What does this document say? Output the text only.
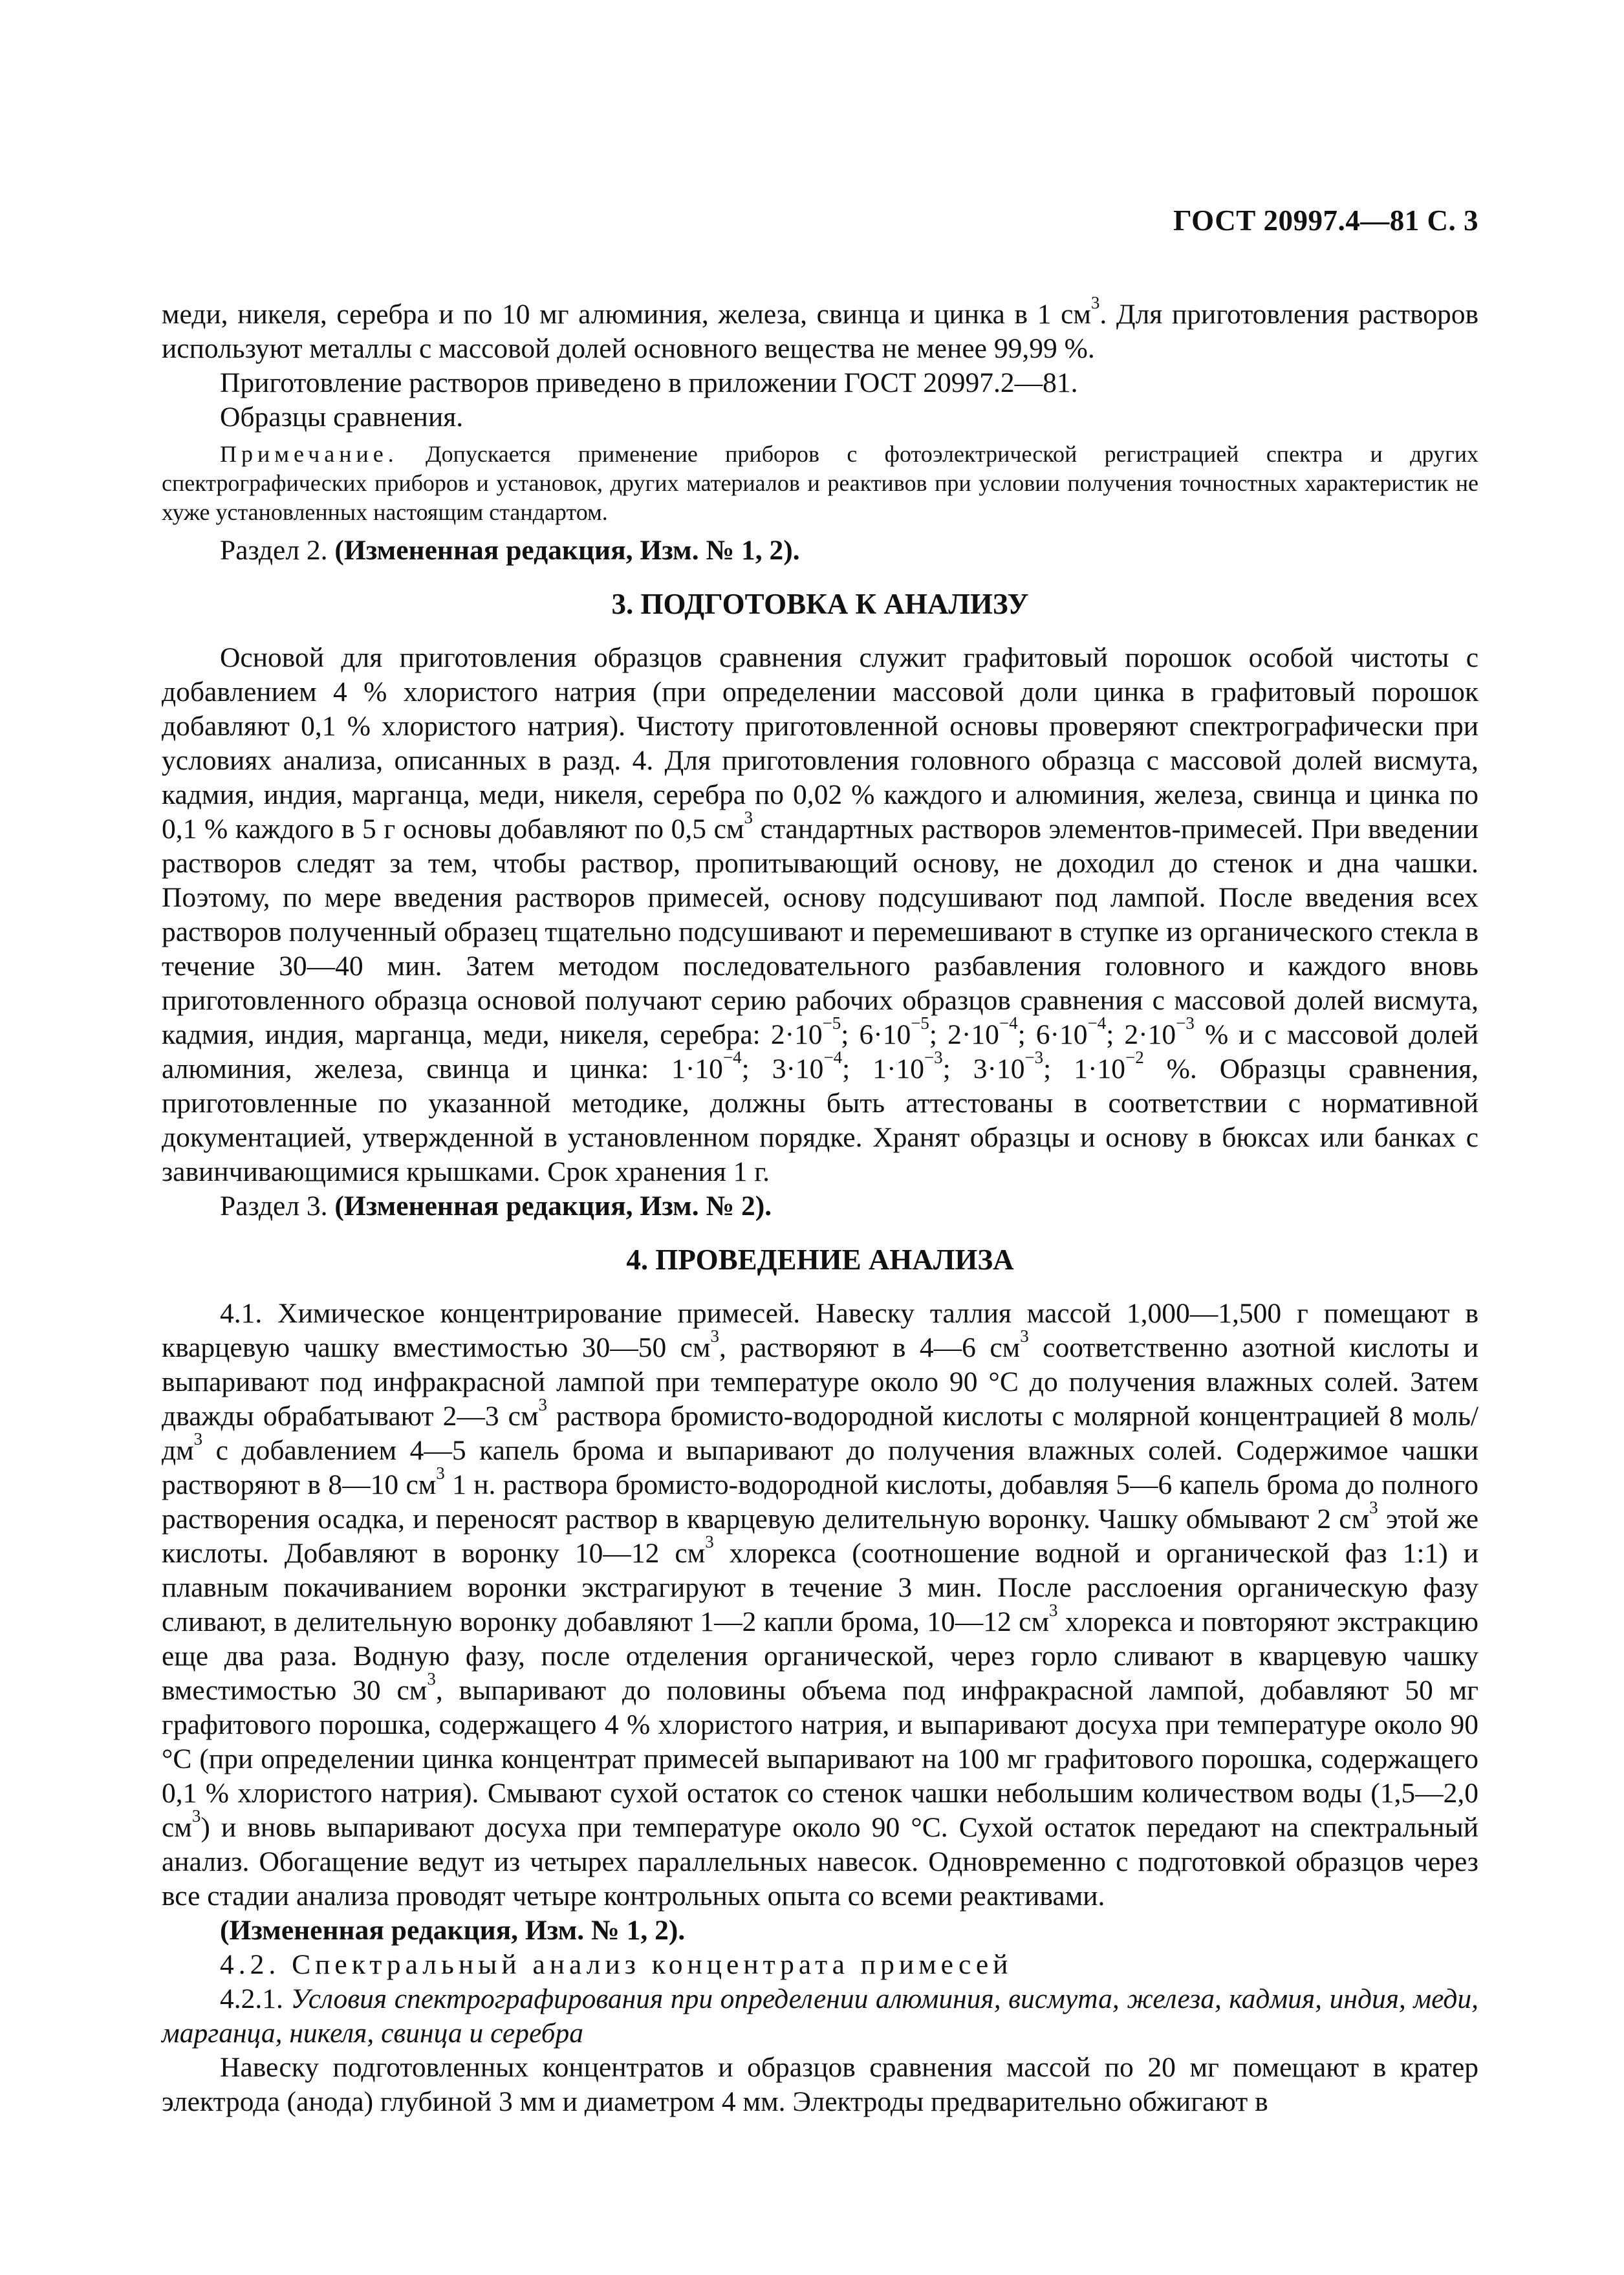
ГОСТ 20997.4—81 С. 3

меди, никеля, серебра и по 10 мг алюминия, железа, свинца и цинка в 1 $см^3$. Для приготовления растворов используют металлы с массовой долей основного вещества не менее 99,99 %.

Приготовление растворов приведено в приложении ГОСТ 20997.2—81.

Образцы сравнения.

Примечание. Допускается применение приборов с фотоэлектрической регистрацией спектра и других спектрографических приборов и установок, других материалов и реактивов при условии получения точностных характеристик не хуже установленных настоящим стандартом.

Раздел 2. (Измененная редакция, Изм. № 1, 2).

3. ПОДГОТОВКА К АНАЛИЗУ

Основой для приготовления образцов сравнения служит графитовый порошок особой чистоты с добавлением 4 % хлористого натрия (при определении массовой доли цинка в графитовый порошок добавляют 0,1 % хлористого натрия). Чистоту приготовленной основы проверяют спектрографически при условиях анализа, описанных в разд. 4. Для приготовления головного образца с массовой долей висмута, кадмия, индия, марганца, меди, никеля, серебра по 0,02 % каждого и алюминия, железа, свинца и цинка по 0,1 % каждого в 5 г основы добавляют по 0,5 $см^3$ стандартных растворов элементов-примесей. При введении растворов следят за тем, чтобы раствор, пропитывающий основу, не доходил до стенок и дна чашки. Поэтому, по мере введения растворов примесей, основу подсушивают под лампой. После введения всех растворов полученный образец тщательно подсушивают и перемешивают в ступке из органического стекла в течение 30—40 мин. Затем методом последовательного разбавления головного и каждого вновь приготовленного образца основой получают серию рабочих образцов сравнения с массовой долей висмута, кадмия, индия, марганца, меди, никеля, серебра: $2\cdot 10^{-5}$; $6\cdot 10^{-5}$; $2\cdot 10^{-4}$; $6\cdot 10^{-4}$; $2\cdot 10^{-3}$ % и с массовой долей алюминия, железа, свинца и цинка: $1\cdot 10^{-4}$; $3\cdot 10^{-4}$; $1\cdot 10^{-3}$; $3\cdot 10^{-3}$; $1\cdot 10^{-2}$ %. Образцы сравнения, приготовленные по указанной методике, должны быть аттестованы в соответствии с нормативной документацией, утвержденной в установленном порядке. Хранят образцы и основу в бюксах или банках с завинчивающимися крышками. Срок хранения 1 г.

Раздел 3. (Измененная редакция, Изм. № 2).

4. ПРОВЕДЕНИЕ АНАЛИЗА

4.1. Химическое концентрирование примесей. Навеску таллия массой 1,000—1,500 г помещают в кварцевую чашку вместимостью 30—50 $см^3$, растворяют в 4—6 $см^3$ соответственно азотной кислоты и выпаривают под инфракрасной лампой при температуре около 90 °С до получения влажных солей. Затем дважды обрабатывают 2—3 $см^3$ раствора бромисто-водородной кислоты с молярной концентрацией 8 моль/$дм^3$ с добавлением 4—5 капель брома и выпаривают до получения влажных солей. Содержимое чашки растворяют в 8—10 $см^3$ 1 н. раствора бромисто-водородной кислоты, добавляя 5—6 капель брома до полного растворения осадка, и переносят раствор в кварцевую делительную воронку. Чашку обмывают 2 $см^3$ этой же кислоты. Добавляют в воронку 10—12 $см^3$ хлорекса (соотношение водной и органической фаз 1:1) и плавным покачиванием воронки экстрагируют в течение 3 мин. После расслоения органическую фазу сливают, в делительную воронку добавляют 1—2 капли брома, 10—12 $см^3$ хлорекса и повторяют экстракцию еще два раза. Водную фазу, после отделения органической, через горло сливают в кварцевую чашку вместимостью 30 $см^3$, выпаривают до половины объема под инфракрасной лампой, добавляют 50 мг графитового порошка, содержащего 4 % хлористого натрия, и выпаривают досуха при температуре около 90 °С (при определении цинка концентрат примесей выпаривают на 100 мг графитового порошка, содержащего 0,1 % хлористого натрия). Смывают сухой остаток со стенок чашки небольшим количеством воды (1,5—2,0 $см^3$) и вновь выпаривают досуха при температуре около 90 °С. Сухой остаток передают на спектральный анализ. Обогащение ведут из четырех параллельных навесок. Одновременно с подготовкой образцов через все стадии анализа проводят четыре контрольных опыта со всеми реактивами.

(Измененная редакция, Изм. № 1, 2).

4.2. Спектральный анализ концентрата примесей

4.2.1. Условия спектрографирования при определении алюминия, висмута, железа, кадмия, индия, меди, марганца, никеля, свинца и серебра

Навеску подготовленных концентратов и образцов сравнения массой по 20 мг помещают в кратер электрода (анода) глубиной 3 мм и диаметром 4 мм. Электроды предварительно обжигают в
